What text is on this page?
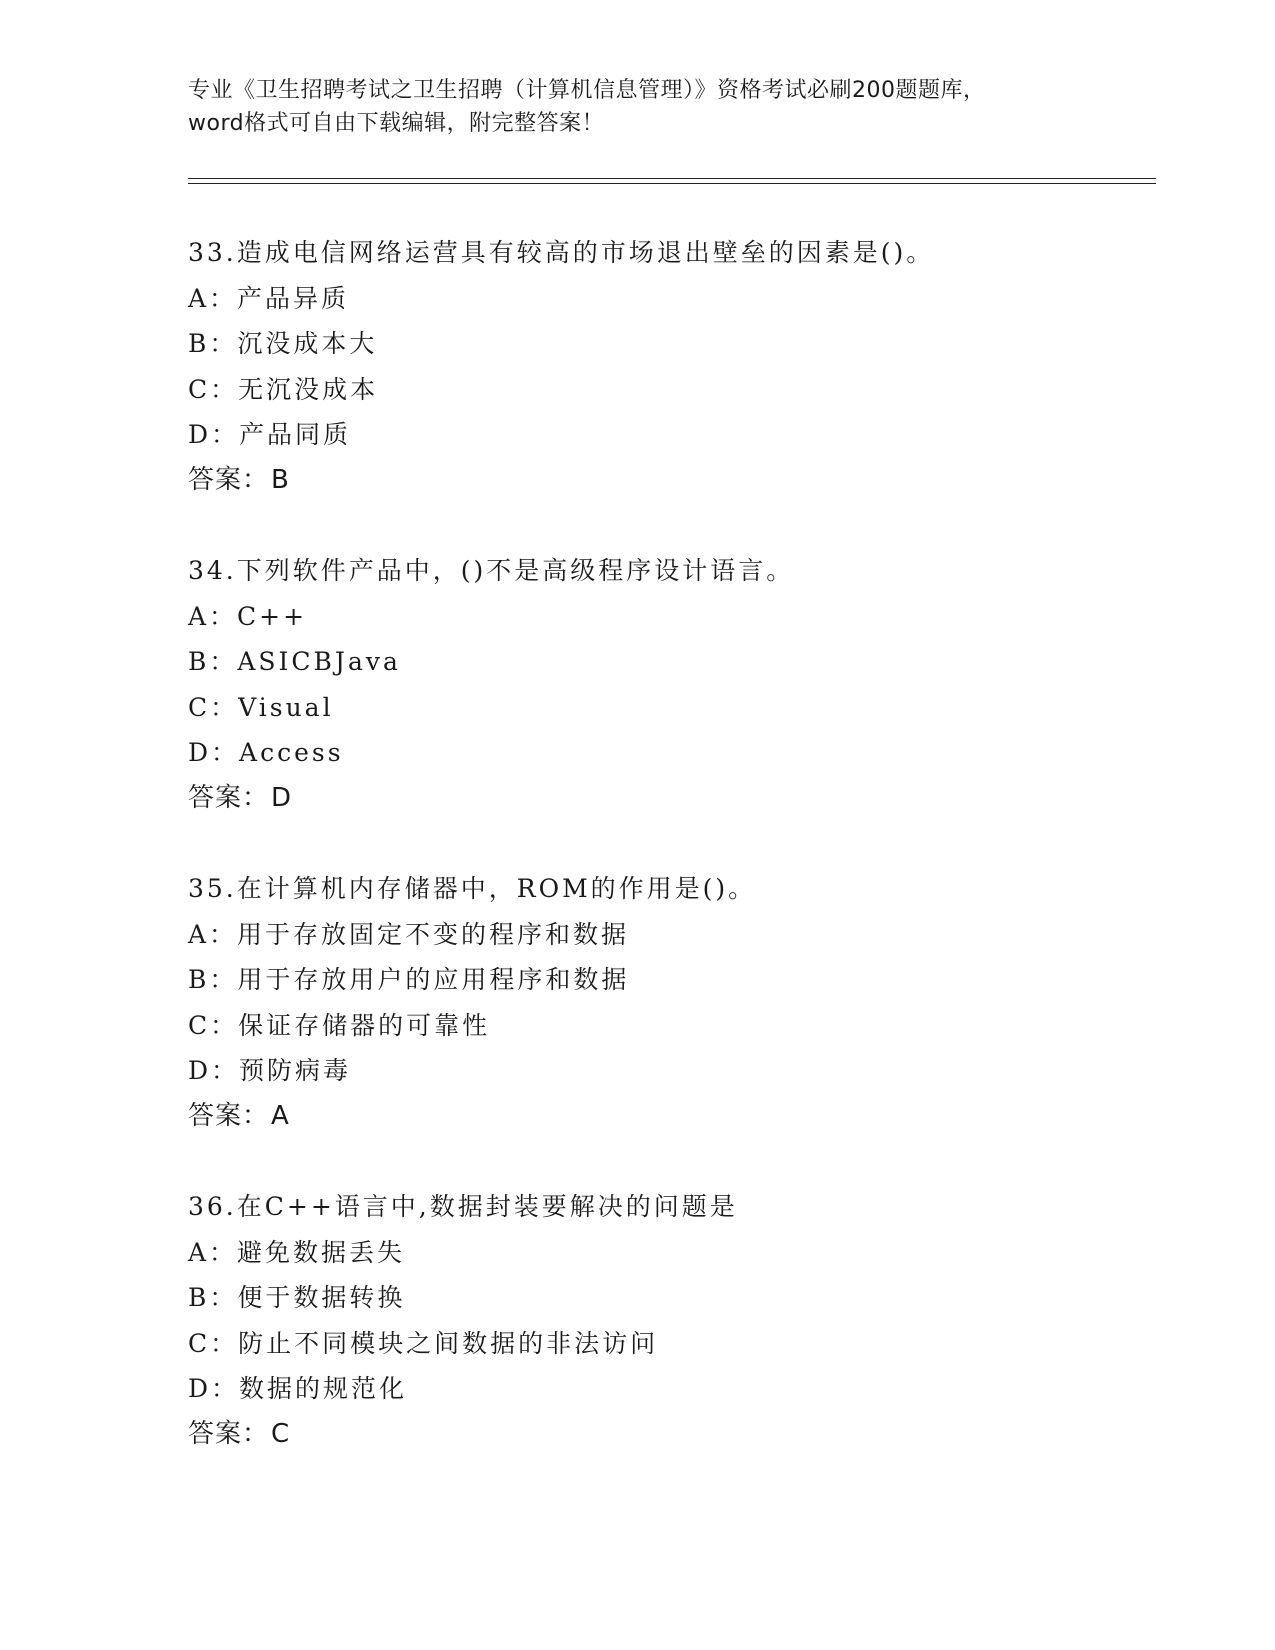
专业《卫生招聘考试之卫生招聘（计算机信息管理）》资格考试必刷200题题库，
word格式可自由下载编辑，附完整答案！
33.造成电信网络运营具有较高的市场退出壁垒的因素是()。
A：产品异质
B：沉没成本大
C：无沉没成本
D：产品同质
答案：B
34.下列软件产品中，()不是高级程序设计语言。
A：C++
B：ASICBJava
C：Visual
D：Access
答案：D
35.在计算机内存储器中，ROM的作用是()。
A：用于存放固定不变的程序和数据
B：用于存放用户的应用程序和数据
C：保证存储器的可靠性
D：预防病毒
答案：A
36.在C++语言中,数据封装要解决的问题是
A：避免数据丢失
B：便于数据转换
C：防止不同模块之间数据的非法访问
D：数据的规范化
答案：C
